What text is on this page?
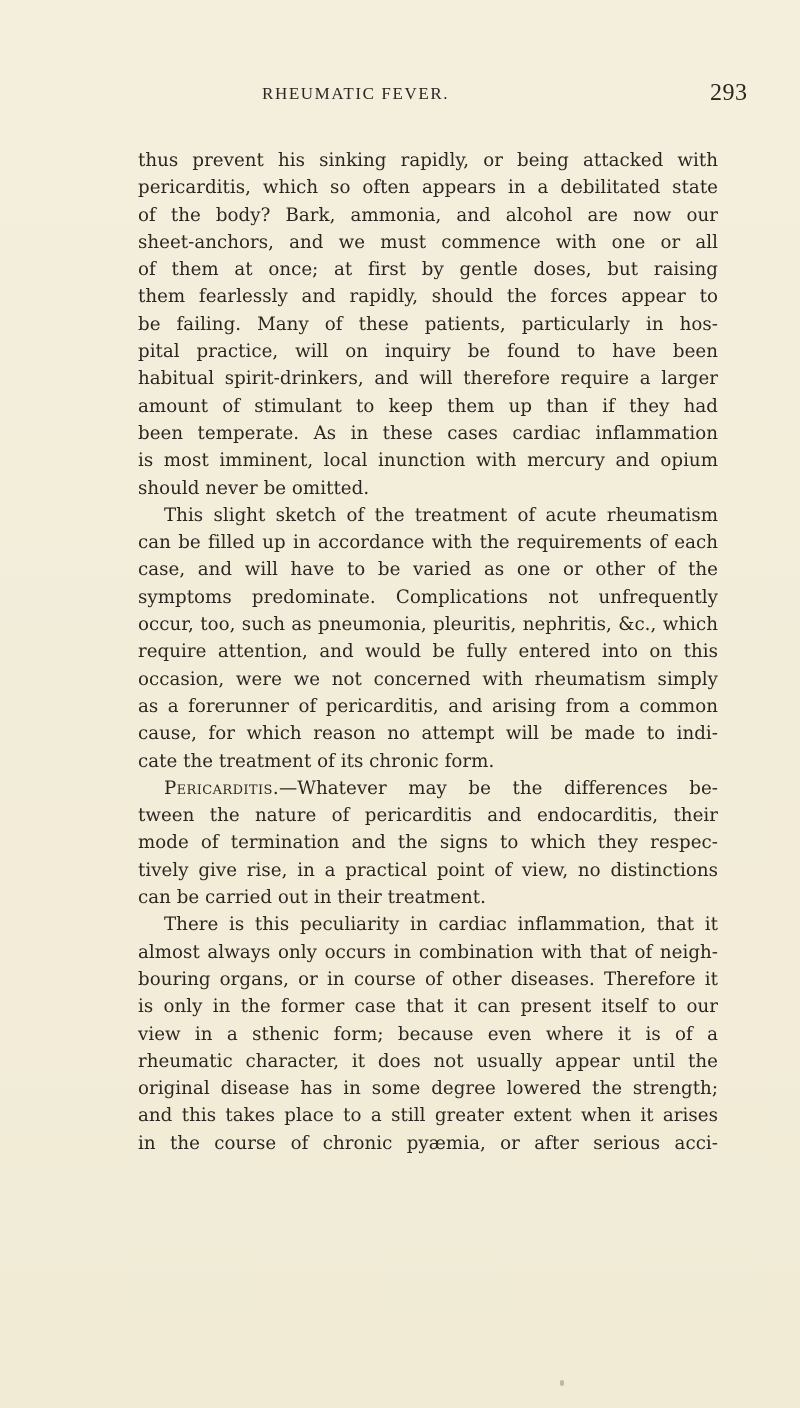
RHEUMATIC FEVER.	293
thus prevent his sinking rapidly, or being attacked with
pericarditis, which so often appears in a debilitated state
of the body? Bark, ammonia, and alcohol are now our
sheet-anchors, and we must commence with one or all
of them at once; at first by gentle doses, but raising
them fearlessly and rapidly, should the forces appear to
be failing. Many of these patients, particularly in hos-
pital practice, will on inquiry be found to have been
habitual spirit-drinkers, and will therefore require a larger
amount of stimulant to keep them up than if they had
been temperate. As in these cases cardiac inflammation
is most imminent, local inunction with mercury and opium
should never be omitted.
This slight sketch of the treatment of acute rheumatism
can be filled up in accordance with the requirements of each
case, and will have to be varied as one or other of the
symptoms predominate. Complications not unfrequently
occur, too, such as pneumonia, pleuritis, nephritis, &c., which
require attention, and would be fully entered into on this
occasion, were we not concerned with rheumatism simply
as a forerunner of pericarditis, and arising from a common
cause, for which reason no attempt will be made to indi-
cate the treatment of its chronic form.
Pericarditis.—Whatever may be the differences be-
tween the nature of pericarditis and endocarditis, their
mode of termination and the signs to which they respec-
tively give rise, in a practical point of view, no distinctions
can be carried out in their treatment.
There is this peculiarity in cardiac inflammation, that it
almost always only occurs in combination with that of neigh-
bouring organs, or in course of other diseases. Therefore it
is only in the former case that it can present itself to our
view in a sthenic form; because even where it is of a
rheumatic character, it does not usually appear until the
original disease has in some degree lowered the strength;
and this takes place to a still greater extent when it arises
in the course of chronic pyæmia, or after serious acci-
